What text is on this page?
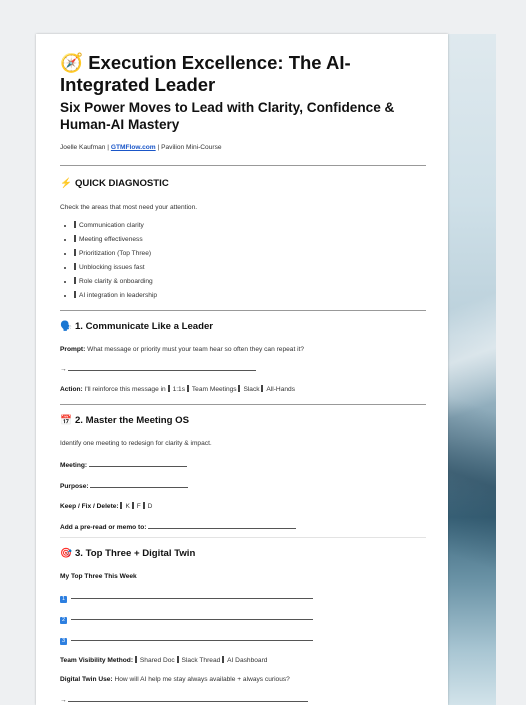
🧭 Execution Excellence: The AI-Integrated Leader
Six Power Moves to Lead with Clarity, Confidence & Human-AI Mastery
Joelle Kaufman | GTMFlow.com | Pavilion Mini-Course
⚡ QUICK DIAGNOSTIC
Check the areas that most need your attention.
• Communication clarity
• Meeting effectiveness
• Prioritization (Top Three)
• Unblocking issues fast
• Role clarity & onboarding
• AI integration in leadership
🗣️ 1. Communicate Like a Leader
Prompt: What message or priority must your team hear so often they can repeat it?
→
Action: I'll reinforce this message in 1:1s Team Meetings Slack All-Hands
📅 2. Master the Meeting OS
Identify one meeting to redesign for clarity & impact.
Meeting:
Purpose:
Keep / Fix / Delete: K F D
Add a pre-read or memo to:
🎯 3. Top Three + Digital Twin
My Top Three This Week
1
2
3
Team Visibility Method: Shared Doc Slack Thread AI Dashboard
Digital Twin Use: How will AI help me stay always available + always curious?
→
